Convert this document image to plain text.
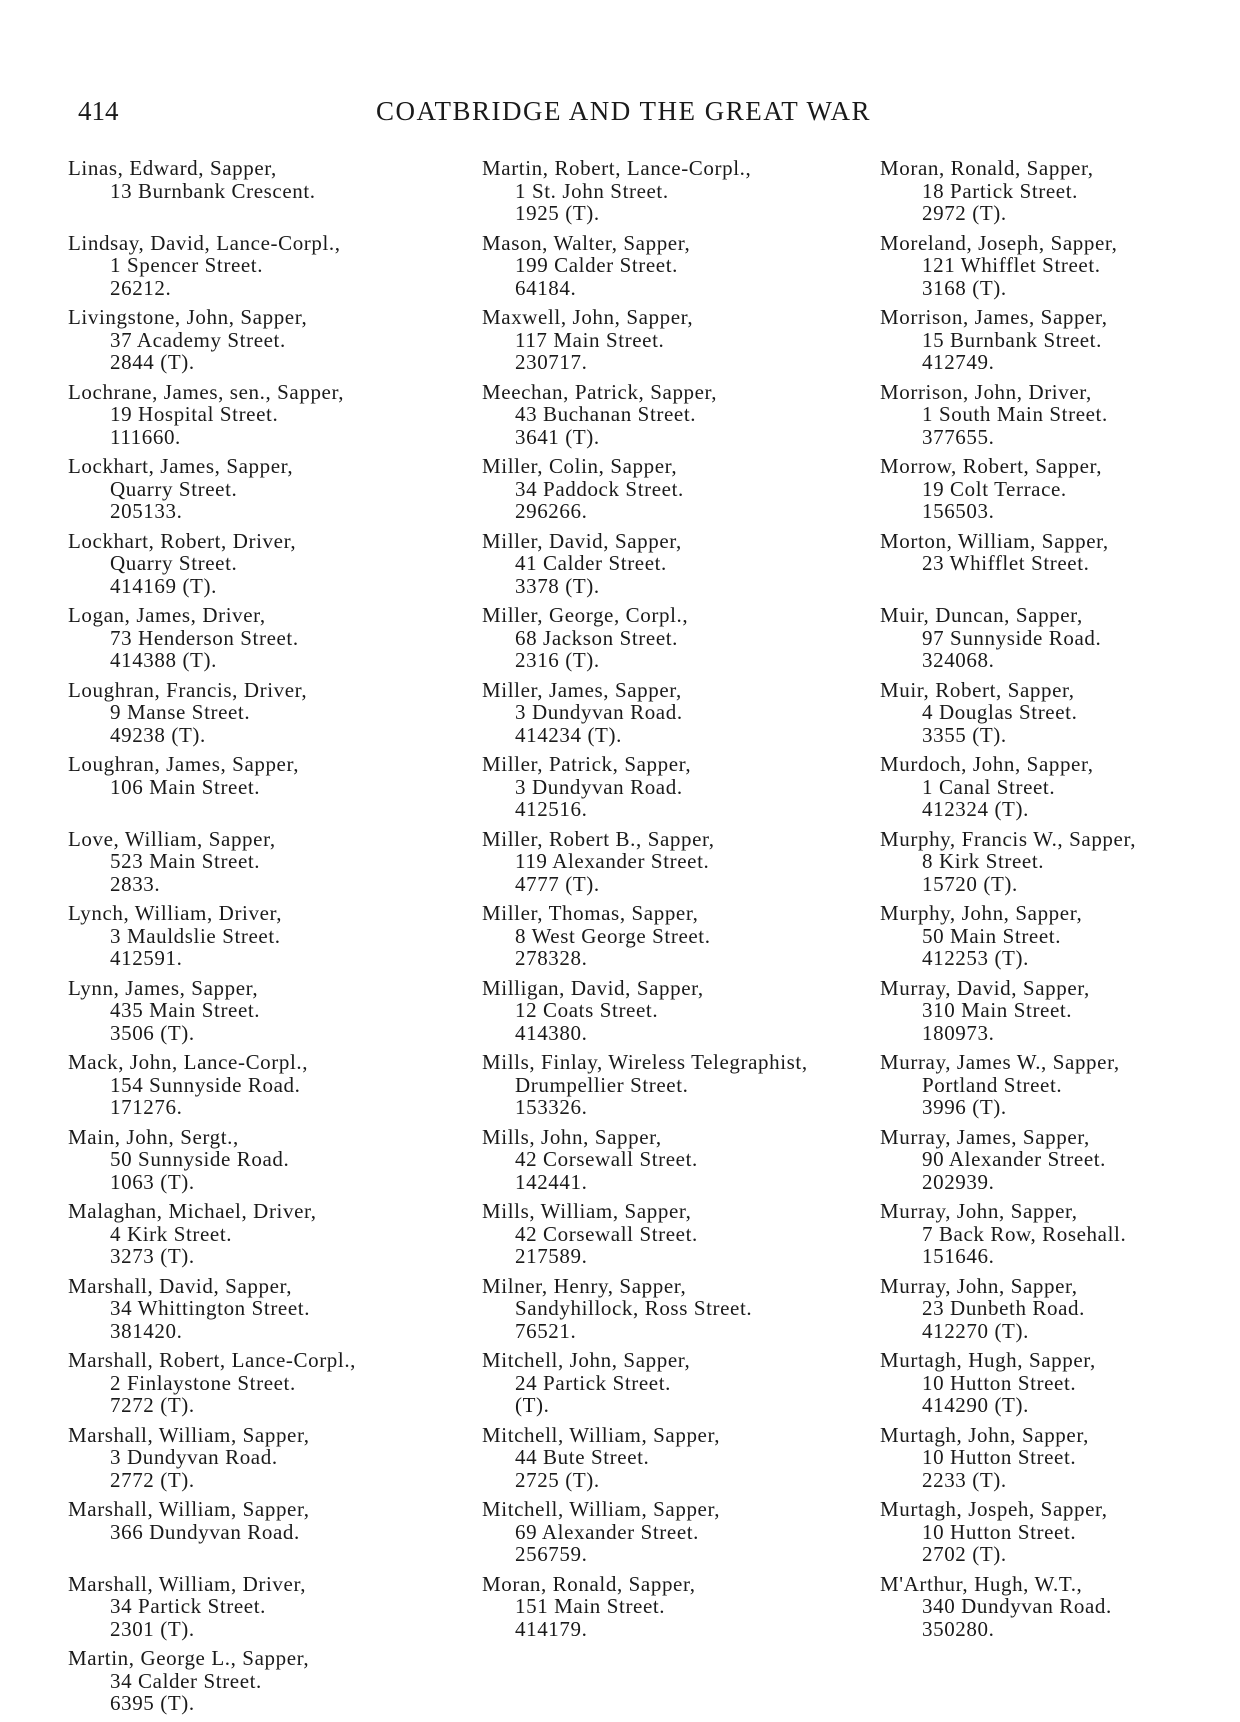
414	COATBRIDGE AND THE GREAT WAR
Linas, Edward, Sapper,
13 Burnbank Crescent.
Lindsay, David, Lance-Corpl.,
1 Spencer Street.
26212.
Livingstone, John, Sapper,
37 Academy Street.
2844 (T).
Lochrane, James, sen., Sapper,
19 Hospital Street.
111660.
Lockhart, James, Sapper,
Quarry Street.
205133.
Lockhart, Robert, Driver,
Quarry Street.
414169 (T).
Logan, James, Driver,
73 Henderson Street.
414388 (T).
Loughran, Francis, Driver,
9 Manse Street.
49238 (T).
Loughran, James, Sapper,
106 Main Street.
Love, William, Sapper,
523 Main Street.
2833.
Lynch, William, Driver,
3 Mauldslie Street.
412591.
Lynn, James, Sapper,
435 Main Street.
3506 (T).
Mack, John, Lance-Corpl.,
154 Sunnyside Road.
171276.
Main, John, Sergt.,
50 Sunnyside Road.
1063 (T).
Malaghan, Michael, Driver,
4 Kirk Street.
3273 (T).
Marshall, David, Sapper,
34 Whittington Street.
381420.
Marshall, Robert, Lance-Corpl.,
2 Finlaystone Street.
7272 (T).
Marshall, William, Sapper,
3 Dundyvan Road.
2772 (T).
Marshall, William, Sapper,
366 Dundyvan Road.
Marshall, William, Driver,
34 Partick Street.
2301 (T).
Martin, George L., Sapper,
34 Calder Street.
6395 (T).
Martin, Robert, Lance-Corpl.,
1 St. John Street.
1925 (T).
Mason, Walter, Sapper,
199 Calder Street.
64184.
Maxwell, John, Sapper,
117 Main Street.
230717.
Meechan, Patrick, Sapper,
43 Buchanan Street.
3641 (T).
Miller, Colin, Sapper,
34 Paddock Street.
296266.
Miller, David, Sapper,
41 Calder Street.
3378 (T).
Miller, George, Corpl.,
68 Jackson Street.
2316 (T).
Miller, James, Sapper,
3 Dundyvan Road.
414234 (T).
Miller, Patrick, Sapper,
3 Dundyvan Road.
412516.
Miller, Robert B., Sapper,
119 Alexander Street.
4777 (T).
Miller, Thomas, Sapper,
8 West George Street.
278328.
Milligan, David, Sapper,
12 Coats Street.
414380.
Mills, Finlay, Wireless Telegraphist,
Drumpellier Street.
153326.
Mills, John, Sapper,
42 Corsewall Street.
142441.
Mills, William, Sapper,
42 Corsewall Street.
217589.
Milner, Henry, Sapper,
Sandyhillock, Ross Street.
76521.
Mitchell, John, Sapper,
24 Partick Street.
(T).
Mitchell, William, Sapper,
44 Bute Street.
2725 (T).
Mitchell, William, Sapper,
69 Alexander Street.
256759.
Moran, Ronald, Sapper,
151 Main Street.
414179.
Moran, Ronald, Sapper,
18 Partick Street.
2972 (T).
Moreland, Joseph, Sapper,
121 Whifflet Street.
3168 (T).
Morrison, James, Sapper,
15 Burnbank Street.
412749.
Morrison, John, Driver,
1 South Main Street.
377655.
Morrow, Robert, Sapper,
19 Colt Terrace.
156503.
Morton, William, Sapper,
23 Whifflet Street.
Muir, Duncan, Sapper,
97 Sunnyside Road.
324068.
Muir, Robert, Sapper,
4 Douglas Street.
3355 (T).
Murdoch, John, Sapper,
1 Canal Street.
412324 (T).
Murphy, Francis W., Sapper,
8 Kirk Street.
15720 (T).
Murphy, John, Sapper,
50 Main Street.
412253 (T).
Murray, David, Sapper,
310 Main Street.
180973.
Murray, James W., Sapper,
Portland Street.
3996 (T).
Murray, James, Sapper,
90 Alexander Street.
202939.
Murray, John, Sapper,
7 Back Row, Rosehall.
151646.
Murray, John, Sapper,
23 Dunbeth Road.
412270 (T).
Murtagh, Hugh, Sapper,
10 Hutton Street.
414290 (T).
Murtagh, John, Sapper,
10 Hutton Street.
2233 (T).
Murtagh, Jospeh, Sapper,
10 Hutton Street.
2702 (T).
M'Arthur, Hugh, W.T.,
340 Dundyvan Road.
350280.
